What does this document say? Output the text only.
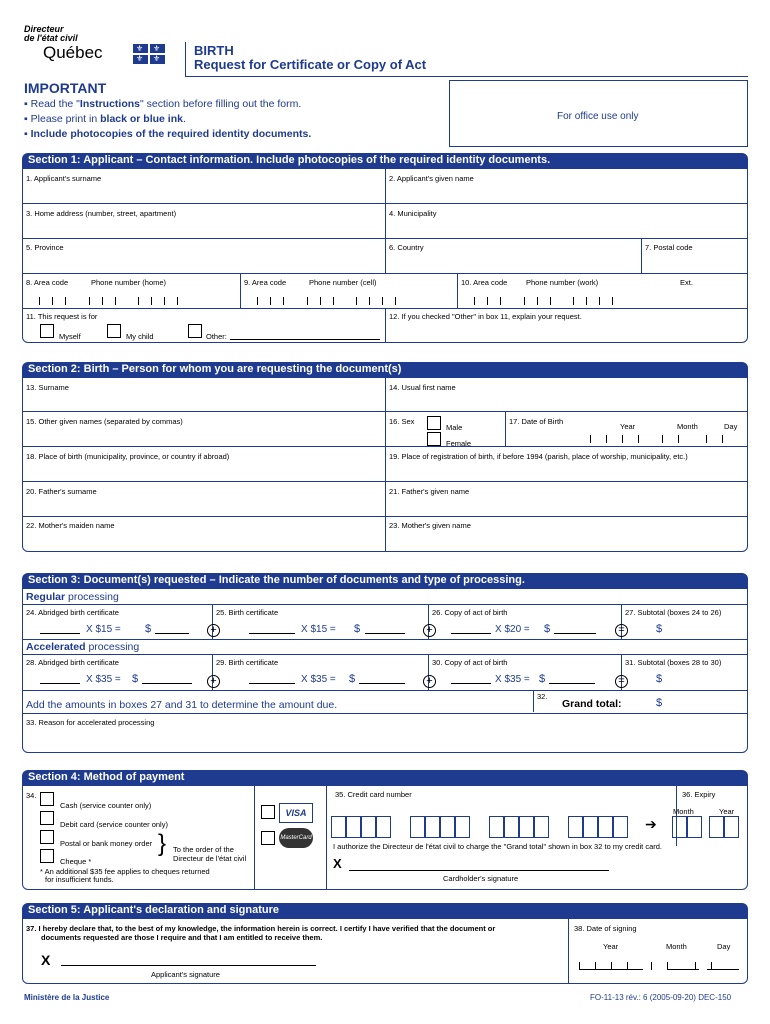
Directeur
de l'état civil
Québec	⚜ ⚜
⚜ ⚜
BIRTH
Request for Certificate or Copy of Act
IMPORTANT
▪ Read the "Instructions" section before filling out the form.
▪ Please print in black or blue ink.
▪ Include photocopies of the required identity documents.
For office use only
Section 1: Applicant – Contact information. Include photocopies of the required identity documents.
1. Applicant's surname	2. Applicant's given name
3. Home address (number, street, apartment)	4. Municipality
5. Province	6. Country	7. Postal code
8. Area code	Phone number (home)	9. Area code	Phone number (cell)	10. Area code Phone number (work)	Ext.
11. This request is for
Myself	My child	Other:
12. If you checked "Other" in box 11, explain your request.
Section 2: Birth – Person for whom you are requesting the document(s)
13. Surname	14. Usual first name
15. Other given names (separated by commas)	16. Sex
Male
Female
17. Date of Birth
Year	Month	Day
18. Place of birth (municipality, province, or country if abroad)	19. Place of registration of birth, if before 1994 (parish, place of worship, municipality, etc.)
20. Father's surname	21. Father's given name
22. Mother's maiden name	23. Mother's given name
Section 3: Document(s) requested – Indicate the number of documents and type of processing.
Regular processing
24. Abridged birth certificate
X $15 = $	+
25. Birth certificate
X $15 = $	+
26. Copy of act of birth
X $20 = $	=
27. Subtotal (boxes 24 to 26)
$
Accelerated processing
28. Abridged birth certificate
X $35 = $	+
29. Birth certificate
X $35 = $	+
30. Copy of act of birth
X $35 = $	=
31. Subtotal (boxes 28 to 30)
$
Add the amounts in boxes 27 and 31 to determine the amount due.
32.
Grand total:	$
33. Reason for accelerated processing
Section 4: Method of payment
34.
Cash (service counter only)
Debit card (service counter only)
Postal or bank money order
Cheque *
} To the order of the
Directeur de l'état civil
* An additional $35 fee applies to cheques returned
for insufficient funds.
VISA
MasterCard
35. Credit card number	36. Expiry
Month	Year
➔
I authorize the Directeur de l'état civil to charge the "Grand total" shown in box 32 to my credit card.
X
Cardholder's signature
Section 5: Applicant's declaration and signature
37. I hereby declare that, to the best of my knowledge, the information herein is correct. I certify I have verified that the document or
documents requested are those I require and that I am entitled to receive them.
X
Applicant's signature
38. Date of signing
Year	Month	Day
Ministère de la Justice	FO-11-13 rév.: 6 (2005-09-20) DEC-150
